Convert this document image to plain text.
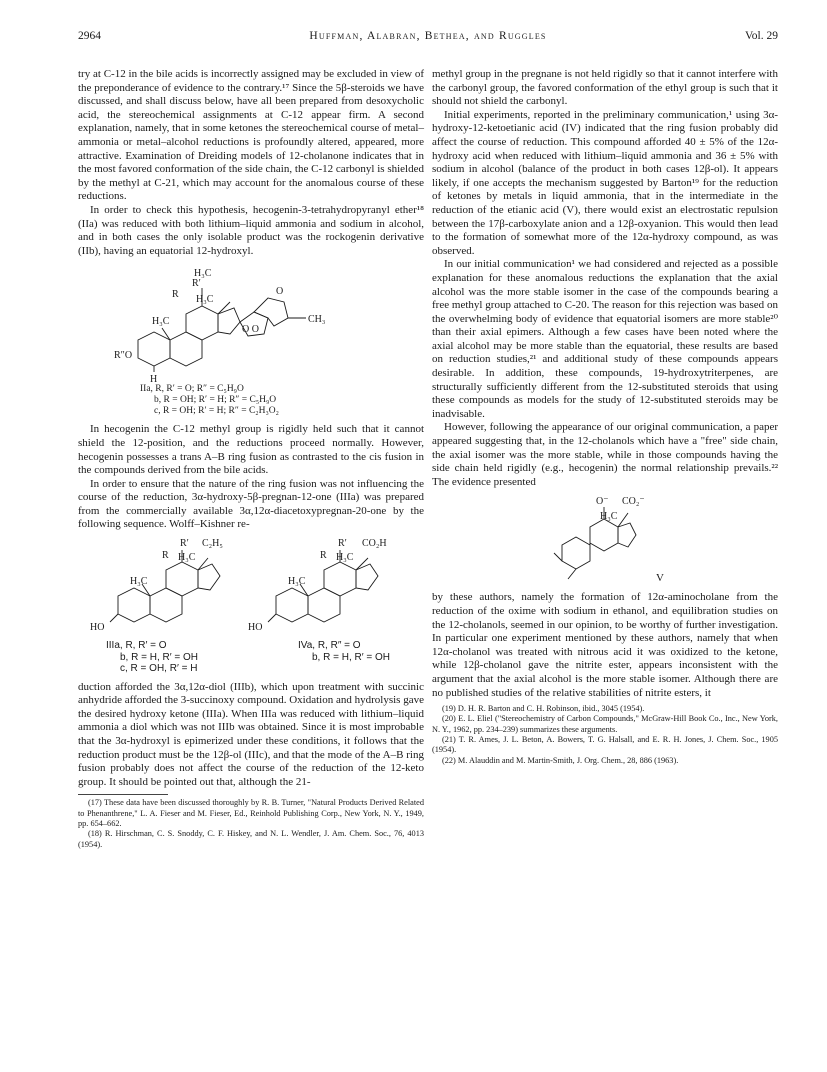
2964	Huffman, Alabran, Bethea, and Ruggles	Vol. 29

try at C-12 in the bile acids is incorrectly assigned may be excluded in view of the preponderance of evidence to the contrary.¹⁷ Since the 5β-steroids we have discussed, and shall discuss below, have all been prepared from desoxycholic acid, the stereochemical assignments at C-12 appear firm. A second explanation, namely, that in some ketones the stereochemical course of metal–ammonia or metal–alcohol reductions is profoundly altered, appeared, more attractive. Examination of Dreiding models of 12-cholanone indicates that in the most favored conformation of the side chain, the C-12 carbonyl is shielded by the methyl at C-21, which may account for the anomalous course of these reductions.

In order to check this hypothesis, hecogenin-3-tetrahydropyranyl ether¹⁸ (IIa) was reduced with both lithium–liquid ammonia and sodium in alcohol, and in both cases the only isolable product was the rockogenin derivative (IIb), having an equatorial 12-hydroxyl.

H₃C
R′
R H₃C
O
O O
CH₃
H₃C
R″O
H
IIa, R, R′ = O; R″ = C₅H₉O
b, R = OH; R′ = H; R″ = C₅H₉O
c, R = OH; R′ = H; R″ = C₂H₃O₂

In hecogenin the C-12 methyl group is rigidly held such that it cannot shield the 12-position, and the reductions proceed normally. However, hecogenin possesses a trans A–B ring fusion as contrasted to the cis fusion in the compounds derived from the bile acids.

In order to ensure that the nature of the ring fusion was not influencing the course of the reduction, 3α-hydroxy-5β-pregnan-12-one (IIIa) was prepared from the commercially available 3α,12α-diacetoxypregnan-20-one by the following sequence. Wolff–Kishner re-

R′ C₂H₅
R H₃C
H₃C
HO
R′ CO₂H
R H₃C
H₃C
HO
IIIa, R, R′ = O
b, R = H, R′ = OH
c, R = OH, R′ = H
IVa, R, R″ = O
b, R = H, R′ = OH

duction afforded the 3α,12α-diol (IIIb), which upon treatment with succinic anhydride afforded the 3-succinoxy compound. Oxidation and hydrolysis gave the desired hydroxy ketone (IIIa). When IIIa was reduced with lithium–liquid ammonia a diol which was not IIIb was obtained. Since it is most improbable that the 3α-hydroxyl is epimerized under these conditions, it follows that the reduction product must be the 12β-ol (IIIc), and that the mode of the A–B ring fusion probably does not affect the course of the reduction of the 12-keto group. It should be pointed out that, although the 21-

(17) These data have been discussed thoroughly by R. B. Turner, "Natural Products Derived Related to Phenanthrene," L. A. Fieser and M. Fieser, Ed., Reinhold Publishing Corp., New York, N. Y., 1949, pp. 654–662.
(18) R. Hirschman, C. S. Snoddy, C. F. Hiskey, and N. L. Wendler, J. Am. Chem. Soc., 76, 4013 (1954).

methyl group in the pregnane is not held rigidly so that it cannot interfere with the carbonyl group, the favored conformation of the ethyl group is such that it should not shield the carbonyl.

Initial experiments, reported in the preliminary communication,¹ using 3α-hydroxy-12-ketoetianic acid (IV) indicated that the ring fusion probably did affect the course of reduction. This compound afforded 40 ± 5% of the 12α-hydroxy acid when reduced with lithium–liquid ammonia and 36 ± 5% with sodium in alcohol (balance of the product in both cases 12β-ol). It appears likely, if one accepts the mechanism suggested by Barton¹⁹ for the reduction of ketones by metals in liquid ammonia, that in the intermediate in the reduction of the etianic acid (V), there would exist an electrostatic repulsion between the 17β-carboxylate anion and a 12β-oxyanion. This would then lead to the formation of somewhat more of the 12α-hydroxy compound, as was observed.

In our initial communication¹ we had considered and rejected as a possible explanation for these anomalous reductions the explanation that the axial alcohol was the more stable isomer in the case of the compounds bearing a free methyl group attached to C-20. The reason for this rejection was based on the overwhelming body of evidence that equatorial isomers are more stable²⁰ than their axial epimers. Although a few cases have been noted where the axial alcohol may be more stable than the equatorial, these results are based on reduction studies,²¹ and additional study of these compounds appears desirable. In addition, these compounds, 19-hydroxytriterpenes, are structurally sufficiently different from the 12-substituted steroids that using these compounds as models for the study of 12-substituted steroids may be inadvisable.

However, following the appearance of our original communication, a paper appeared suggesting that, in the 12-cholanols which have a "free" side chain, the axial isomer was the more stable, while in those compounds having the side chain held rigidly (e.g., hecogenin) the normal relationship prevails.²² The evidence presented

O⁻ CO₂⁻
H₃C
V

by these authors, namely the formation of 12α-aminocholane from the reduction of the oxime with sodium in ethanol, and equilibration studies on the 12-cholanols, seemed in our opinion, to be worthy of further investigation. In particular one experiment mentioned by these authors, namely that when 12α-cholanol was treated with nitrous acid it was oxidized to the ketone, while 12β-cholanol gave the nitrite ester, appears inconsistent with the argument that the axial alcohol is the more stable isomer. Although there are no published studies of the relative stabilities of nitrite esters, it

(19) D. H. R. Barton and C. H. Robinson, ibid., 3045 (1954).
(20) E. L. Eliel ("Stereochemistry of Carbon Compounds," McGraw-Hill Book Co., Inc., New York, N. Y., 1962, pp. 234–239) summarizes these arguments.
(21) T. R. Ames, J. L. Beton, A. Bowers, T. G. Halsall, and E. R. H. Jones, J. Chem. Soc., 1905 (1954).
(22) M. Alauddin and M. Martin-Smith, J. Org. Chem., 28, 886 (1963).
